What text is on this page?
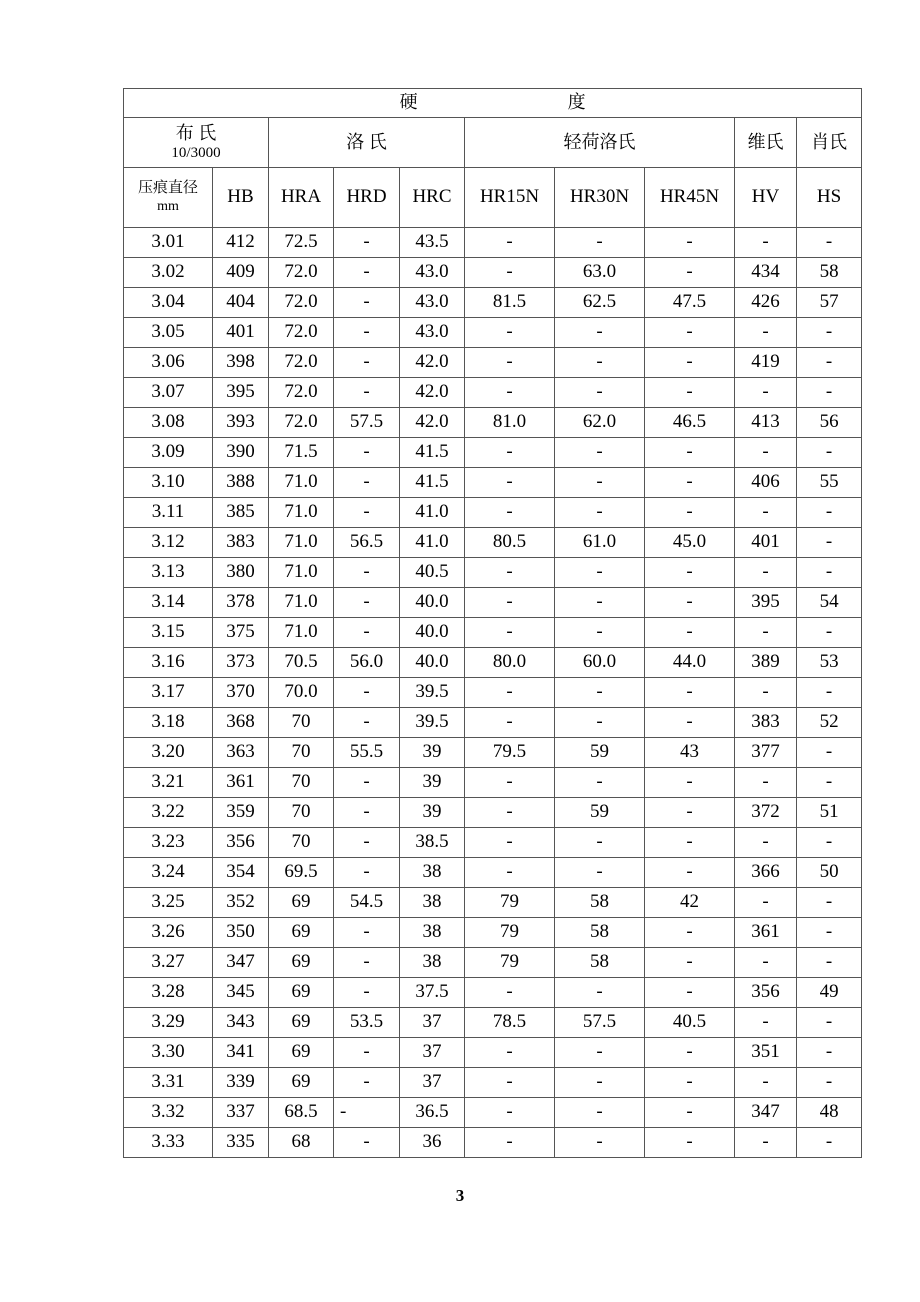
硬 度									

布 氏
10/3000		洛 氏			轻荷洛氏			维氏	肖氏

压痕直径
mm	HB	HRA	HRD	HRC	HR15N	HR30N	HR45N	HV	HS
3.01	412	72.5	-	43.5	-	-	-	-	-
3.02	409	72.0	-	43.0	-	63.0	-	434	58
3.04	404	72.0	-	43.0	81.5	62.5	47.5	426	57
3.05	401	72.0	-	43.0	-	-	-	-	-
3.06	398	72.0	-	42.0	-	-	-	419	-
3.07	395	72.0	-	42.0	-	-	-	-	-
3.08	393	72.0	57.5	42.0	81.0	62.0	46.5	413	56
3.09	390	71.5	-	41.5	-	-	-	-	-
3.10	388	71.0	-	41.5	-	-	-	406	55
3.11	385	71.0	-	41.0	-	-	-	-	-
3.12	383	71.0	56.5	41.0	80.5	61.0	45.0	401	-
3.13	380	71.0	-	40.5	-	-	-	-	-
3.14	378	71.0	-	40.0	-	-	-	395	54
3.15	375	71.0	-	40.0	-	-	-	-	-
3.16	373	70.5	56.0	40.0	80.0	60.0	44.0	389	53
3.17	370	70.0	-	39.5	-	-	-	-	-
3.18	368	70	-	39.5	-	-	-	383	52
3.20	363	70	55.5	39	79.5	59	43	377	-
3.21	361	70	-	39	-	-	-	-	-
3.22	359	70	-	39	-	59	-	372	51
3.23	356	70	-	38.5	-	-	-	-	-
3.24	354	69.5	-	38	-	-	-	366	50
3.25	352	69	54.5	38	79	58	42	-	-
3.26	350	69	-	38	79	58	-	361	-
3.27	347	69	-	38	79	58	-	-	-
3.28	345	69	-	37.5	-	-	-	356	49
3.29	343	69	53.5	37	78.5	57.5	40.5	-	-
3.30	341	69	-	37	-	-	-	351	-
3.31	339	69	-	37	-	-	-	-	-
3.32	337	68.5	-	36.5	-	-	-	347	48
3.33	335	68	-	36	-	-	-	-	-
3
